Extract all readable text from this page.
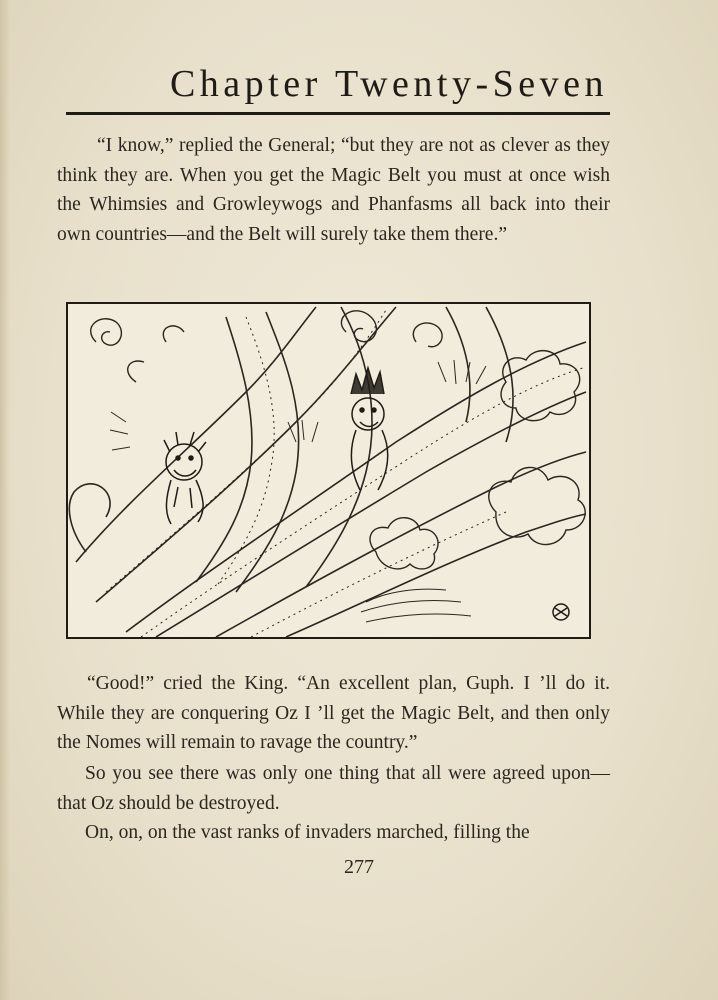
Chapter Twenty-Seven

“I know,” replied the General; “but they are not as clever as they think they are. When you get the Magic Belt you must at once wish the Whimsies and Growleywogs and Phanfasms all back into their own countries—and the Belt will surely take them there.”

“Good!” cried the King. “An excellent plan, Guph. I ’ll do it. While they are conquering Oz I ’ll get the Magic Belt, and then only the Nomes will remain to ravage the country.”

So you see there was only one thing that all were agreed upon—that Oz should be destroyed.

On, on, on the vast ranks of invaders marched, filling the

277
